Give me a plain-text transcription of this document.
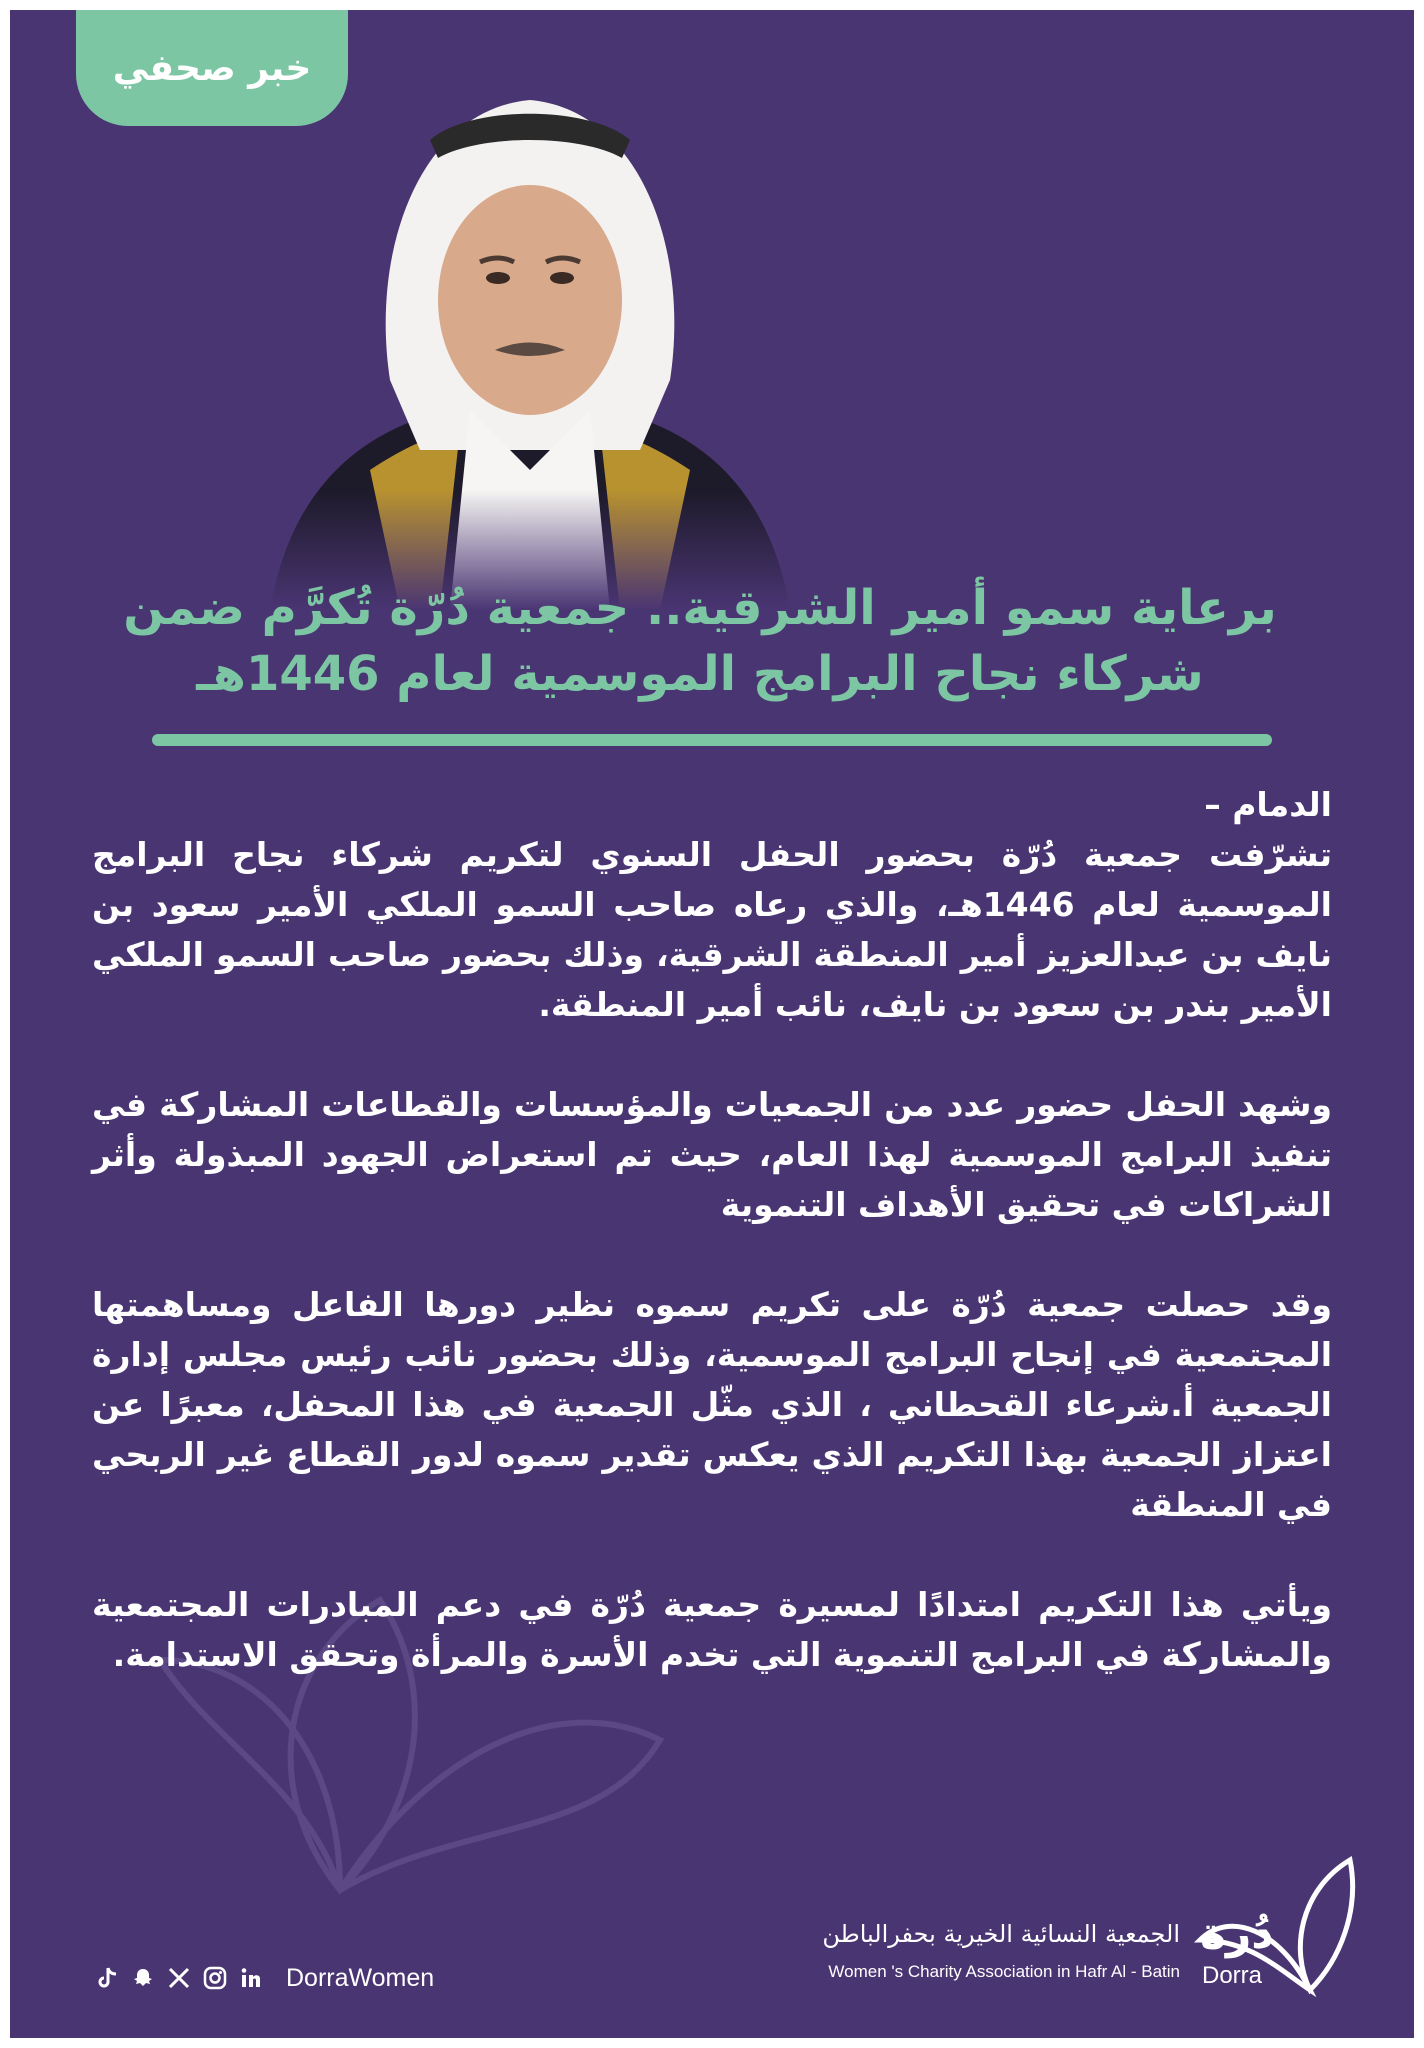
خبر صحفي
برعاية سمو أمير الشرقية.. جمعية دُرّة تُكرَّم ضمن
شركاء نجاح البرامج الموسمية لعام 1446هـ
الدمام –

تشرّفت جمعية دُرّة بحضور الحفل السنوي لتكريم شركاء نجاح البرامج الموسمية لعام 1446هـ، والذي رعاه صاحب السمو الملكي الأمير سعود بن نايف بن عبدالعزيز أمير المنطقة الشرقية، وذلك بحضور صاحب السمو الملكي الأمير بندر بن سعود بن نايف، نائب أمير المنطقة.

وشهد الحفل حضور عدد من الجمعيات والمؤسسات والقطاعات المشاركة في تنفيذ البرامج الموسمية لهذا العام، حيث تم استعراض الجهود المبذولة وأثر الشراكات في تحقيق الأهداف التنموية

وقد حصلت جمعية دُرّة على تكريم سموه نظير دورها الفاعل ومساهمتها المجتمعية في إنجاح البرامج الموسمية، وذلك بحضور نائب رئيس مجلس إدارة الجمعية أ.شرعاء القحطاني ، الذي مثّل الجمعية في هذا المحفل، معبرًا عن اعتزاز الجمعية بهذا التكريم الذي يعكس تقدير سموه لدور القطاع غير الربحي في المنطقة

ويأتي هذا التكريم امتدادًا لمسيرة جمعية دُرّة في دعم المبادرات المجتمعية والمشاركة في البرامج التنموية التي تخدم الأسرة والمرأة وتحقق الاستدامة.

DorraWomen
الجمعية النسائية الخيرية بحفرالباطن
Women 's Charity Association in Hafr Al - Batin
دُرة
Dorra
